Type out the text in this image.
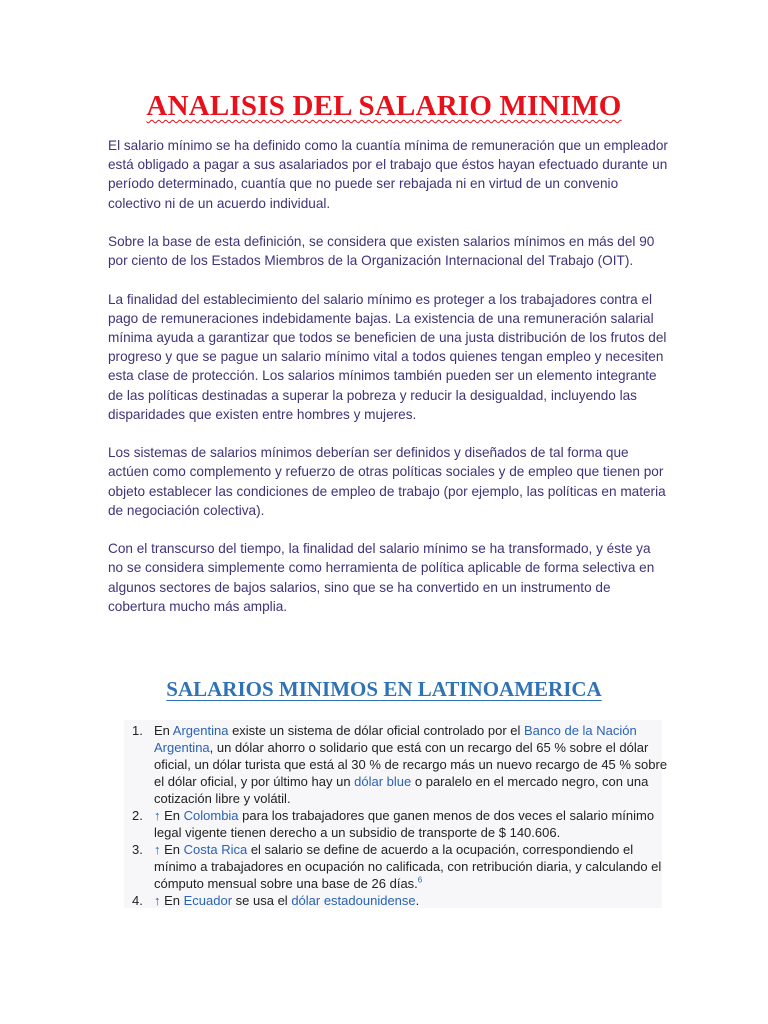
ANALISIS DEL SALARIO MINIMO

El salario mínimo se ha definido como la cuantía mínima de remuneración que un empleador está obligado a pagar a sus asalariados por el trabajo que éstos hayan efectuado durante un período determinado, cuantía que no puede ser rebajada ni en virtud de un convenio colectivo ni de un acuerdo individual.

Sobre la base de esta definición, se considera que existen salarios mínimos en más del 90 por ciento de los Estados Miembros de la Organización Internacional del Trabajo (OIT).

La finalidad del establecimiento del salario mínimo es proteger a los trabajadores contra el pago de remuneraciones indebidamente bajas. La existencia de una remuneración salarial mínima ayuda a garantizar que todos se beneficien de una justa distribución de los frutos del progreso y que se pague un salario mínimo vital a todos quienes tengan empleo y necesiten esta clase de protección. Los salarios mínimos también pueden ser un elemento integrante de las políticas destinadas a superar la pobreza y reducir la desigualdad, incluyendo las disparidades que existen entre hombres y mujeres.

Los sistemas de salarios mínimos deberían ser definidos y diseñados de tal forma que actúen como complemento y refuerzo de otras políticas sociales y de empleo que tienen por objeto establecer las condiciones de empleo de trabajo (por ejemplo, las políticas en materia de negociación colectiva).

Con el transcurso del tiempo, la finalidad del salario mínimo se ha transformado, y éste ya no se considera simplemente como herramienta de política aplicable de forma selectiva en algunos sectores de bajos salarios, sino que se ha convertido en un instrumento de cobertura mucho más amplia.

SALARIOS MINIMOS EN LATINOAMERICA
1. En Argentina existe un sistema de dólar oficial controlado por el Banco de la Nación Argentina, un dólar ahorro o solidario que está con un recargo del 65 % sobre el dólar oficial, un dólar turista que está al 30 % de recargo más un nuevo recargo de 45 % sobre el dólar oficial, y por último hay un dólar blue o paralelo en el mercado negro, con una cotización libre y volátil.
2. ↑ En Colombia para los trabajadores que ganen menos de dos veces el salario mínimo legal vigente tienen derecho a un subsidio de transporte de $ 140.606.
3. ↑ En Costa Rica el salario se define de acuerdo a la ocupación, correspondiendo el mínimo a trabajadores en ocupación no calificada, con retribución diaria, y calculando el cómputo mensual sobre una base de 26 días.$^6$
4. ↑ En Ecuador se usa el dólar estadounidense.
